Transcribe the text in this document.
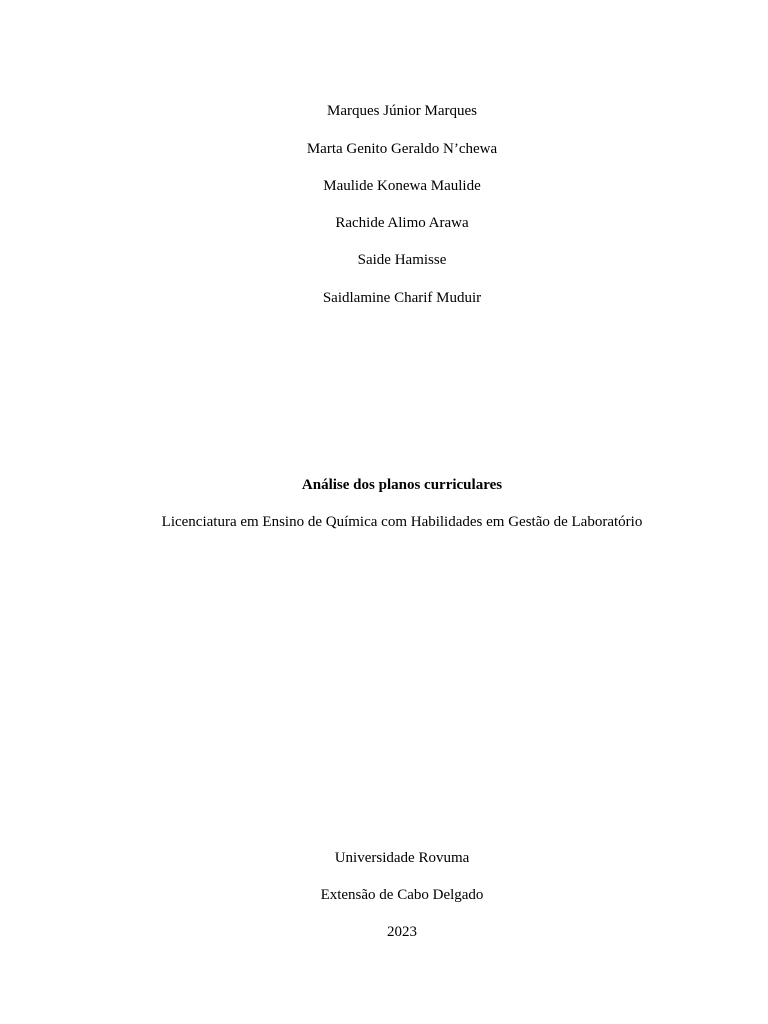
Marques Júnior Marques

Marta Genito Geraldo N’chewa

Maulide Konewa Maulide

Rachide Alimo Arawa

Saide Hamisse

Saidlamine Charif Muduir

Análise dos planos curriculares

Licenciatura em Ensino de Química com Habilidades em Gestão de Laboratório

Universidade Rovuma

Extensão de Cabo Delgado

2023
